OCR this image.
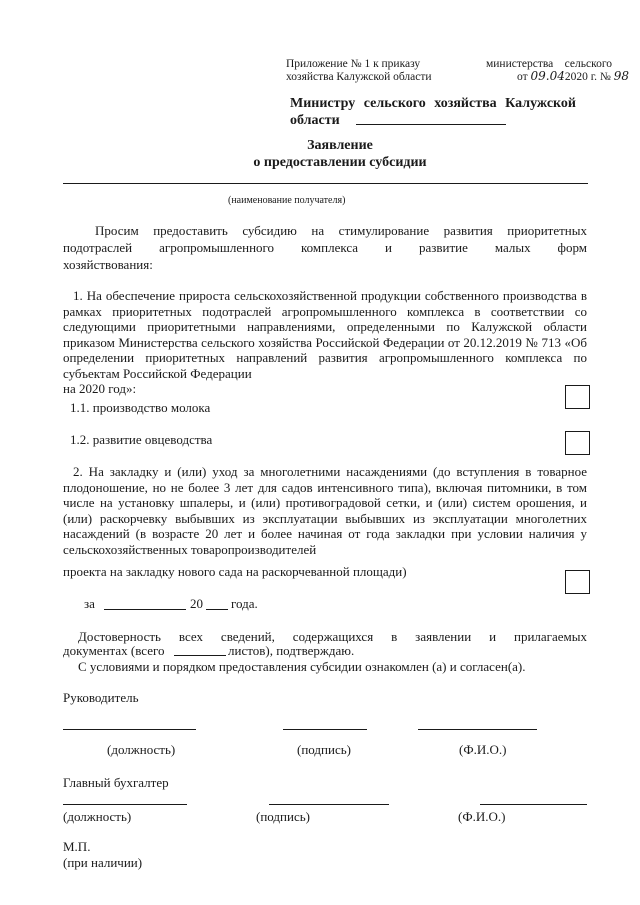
Приложение № 1 к приказу	министерства сельского
хозяйства Калужской области	от 09.042020 г. № 98
Министру сельского хозяйства Калужской
области
Заявление
о предоставлении субсидии
(наименование получателя)
Просим предоставить субсидию на стимулирование развития приоритетных
подотраслей агропромышленного комплекса и развитие малых форм
хозяйствования:
1. На обеспечение прироста сельскохозяйственной продукции собственного производства в рамках приоритетных подотраслей агропромышленного комплекса в соответствии со следующими приоритетными направлениями, определенными по Калужской области приказом Министерства сельского хозяйства Российской Федерации от 20.12.2019 № 713 «Об определении приоритетных направлений развития агропромышленного комплекса по субъектам Российской Федерации
на 2020 год»:
1.1. производство молока
1.2. развитие овцеводства
2. На закладку и (или) уход за многолетними насаждениями (до вступления в товарное плодоношение, но не более 3 лет для садов интенсивного типа), включая питомники, в том числе на установку шпалеры, и (или) противоградовой сетки, и (или) систем орошения, и (или) раскорчевку выбывших из эксплуатации выбывших из эксплуатации многолетних насаждений (в возрасте 20 лет и более начиная от года закладки при условии наличия у сельскохозяйственных товаропроизводителей
проекта на закладку нового сада на раскорчеванной площади)
за	20 года.
Достоверность всех сведений, содержащихся в заявлении и прилагаемых
документах (всего	листов), подтверждаю.
С условиями и порядком предоставления субсидии ознакомлен (а) и согласен(а).
Руководитель
(должность)	(подпись)	(Ф.И.О.)
Главный бухгалтер
(должность)	(подпись)	(Ф.И.О.)
М.П.
(при наличии)
